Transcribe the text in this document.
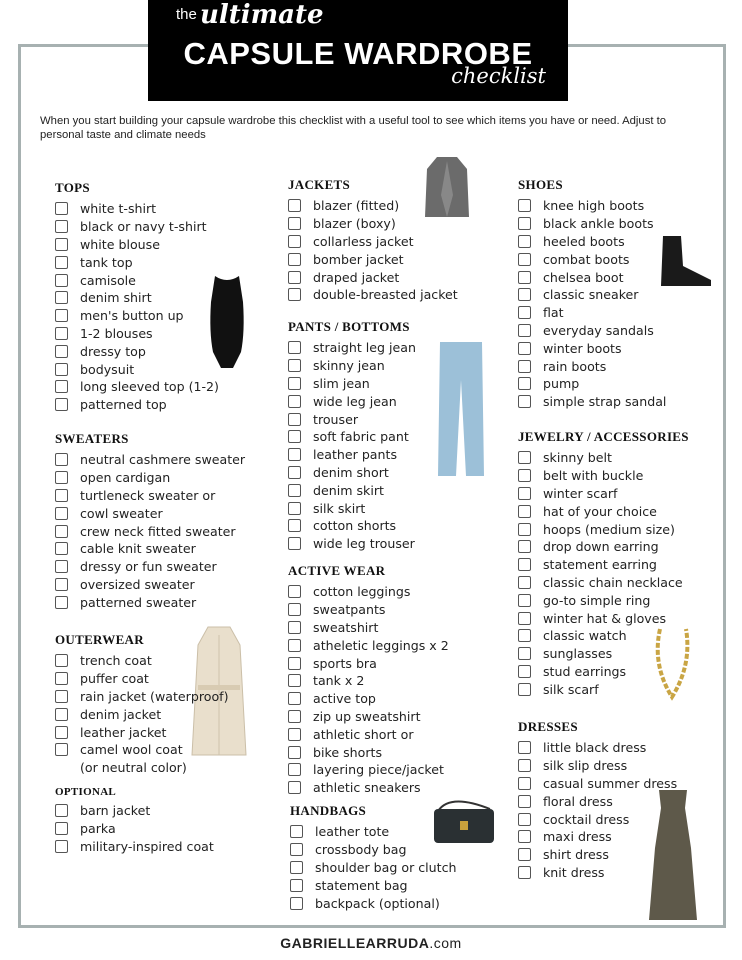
the ultimate
CAPSULE WARDROBE
checklist
When you start building your capsule wardrobe this checklist with a useful tool to see which items you have or need. Adjust to personal taste and climate needs
TOPS
white t-shirt
black or navy t-shirt
white blouse
tank top
camisole
denim shirt
men's button up
1-2 blouses
dressy top
bodysuit
long sleeved top (1-2)
patterned top
SWEATERS
neutral cashmere sweater
open cardigan
turtleneck sweater or
cowl sweater
crew neck fitted sweater
cable knit sweater
dressy or fun sweater
oversized sweater
patterned sweater
OUTERWEAR
trench coat
puffer coat
rain jacket (waterproof)
denim jacket
leather jacket
camel wool coat
(or neutral color)
OPTIONAL
barn jacket
parka
military-inspired coat
JACKETS
blazer (fitted)
blazer (boxy)
collarless jacket
bomber jacket
draped jacket
double-breasted jacket
PANTS / BOTTOMS
straight leg jean
skinny jean
slim jean
wide leg jean
trouser
soft fabric pant
leather pants
denim short
denim skirt
silk skirt
cotton shorts
wide leg trouser
ACTIVE WEAR
cotton leggings
sweatpants
sweatshirt
atheletic leggings x 2
sports bra
tank x 2
active top
zip up sweatshirt
athletic short or
bike shorts
layering piece/jacket
athletic sneakers
HANDBAGS
leather tote
crossbody bag
shoulder bag or clutch
statement bag
backpack (optional)
SHOES
knee high boots
black ankle boots
heeled boots
combat boots
chelsea boot
classic sneaker
flat
everyday sandals
winter boots
rain boots
pump
simple strap sandal
JEWELRY / ACCESSORIES
skinny belt
belt with buckle
winter scarf
hat of your choice
hoops (medium size)
drop down earring
statement earring
classic chain necklace
go-to simple ring
winter hat & gloves
classic watch
sunglasses
stud earrings
silk scarf
DRESSES
little black dress
silk slip dress
casual summer dress
floral dress
cocktail dress
maxi dress
shirt dress
knit dress
GABRIELLEARRUDA.com
